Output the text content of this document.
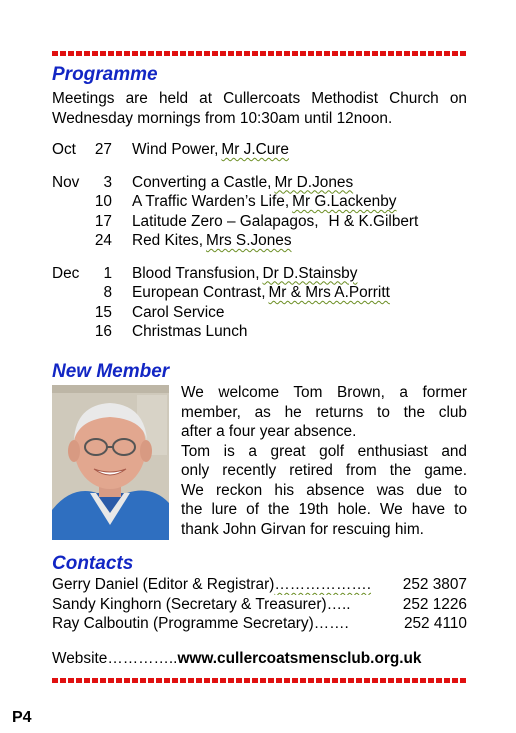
Programme
Meetings are held at Cullercoats Methodist Church on
Wednesday mornings from 10:30am until 12noon.
Oct	27 Wind Power, Mr J.Cure
Nov	3 Converting a Castle, Mr D.Jones
10 A Traffic Warden’s Life, Mr G.Lackenby
17 Latitude Zero – Galapagos, H & K.Gilbert
24 Red Kites, Mrs S.Jones
Dec	1 Blood Transfusion, Dr D.Stainsby
8 European Contrast, Mr & Mrs A.Porritt
15 Carol Service
16 Christmas Lunch
New Member

We welcome Tom Brown, a former

member, as he returns to the club

after a four year absence.

Tom is a great golf enthusiast and

only recently retired from the game.

We reckon his absence was due to

the lure of the 19th hole. We have to

thank John Girvan for rescuing him.

Contacts
Gerry Daniel (Editor & Registrar) ……………….	252 3807
Sandy Kinghorn (Secretary & Treasurer) …..	252 1226
Ray Calboutin (Programme Secretary) …….	252 4110
Website…………..www.cullercoatsmensclub.org.uk
P4
